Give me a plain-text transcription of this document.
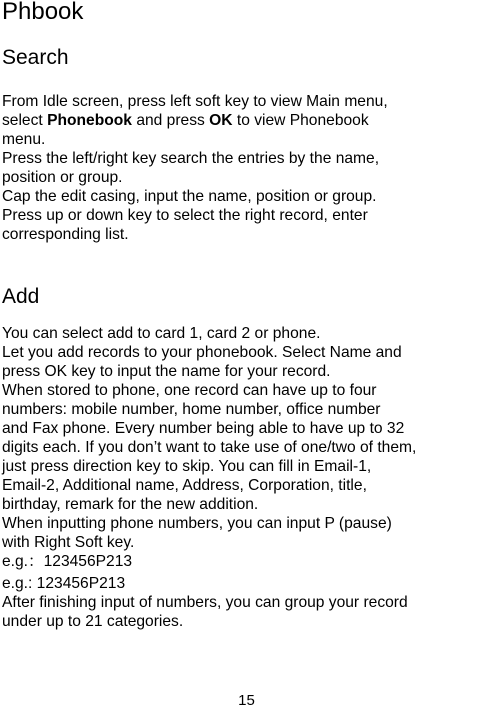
Phbook
Search
From Idle screen, press left soft key to view Main menu,
select Phonebook and press OK to view Phonebook
menu.
Press the left/right key search the entries by the name,
position or group.
Cap the edit casing, input the name, position or group.
Press up or down key to select the right record, enter
corresponding list.
Add
You can select add to card 1, card 2 or phone.
Let you add records to your phonebook. Select Name and
press OK key to input the name for your record.
When stored to phone, one record can have up to four
numbers: mobile number, home number, office number
and Fax phone. Every number being able to have up to 32
digits each. If you don’t want to take use of one/two of them,
just press direction key to skip. You can fill in Email-1,
Email-2, Additional name, Address, Corporation, title,
birthday, remark for the new addition.
When inputting phone numbers, you can input P (pause)
with Right Soft key.
e.g.：123456P213
e.g.: 123456P213
After finishing input of numbers, you can group your record
under up to 21 categories.
15
